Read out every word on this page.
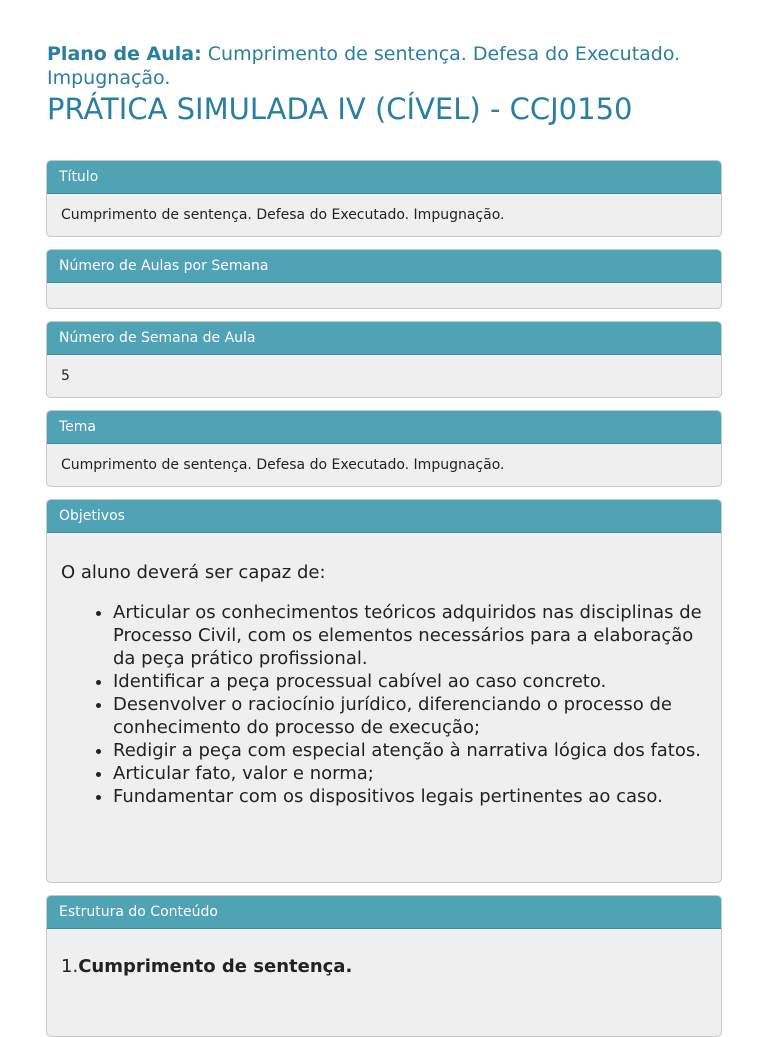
Plano de Aula: Cumprimento de sentença. Defesa do Executado. Impugnação.
PRÁTICA SIMULADA IV (CÍVEL) - CCJ0150
Título
Cumprimento de sentença. Defesa do Executado. Impugnação.
Número de Aulas por Semana
Número de Semana de Aula
5
Tema
Cumprimento de sentença. Defesa do Executado. Impugnação.
Objetivos

O aluno deverá ser capaz de:

• Articular os conhecimentos teóricos adquiridos nas disciplinas de Processo Civil, com os elementos necessários para a elaboração da peça prático profissional.
• Identificar a peça processual cabível ao caso concreto.
• Desenvolver o raciocínio jurídico, diferenciando o processo de conhecimento do processo de execução;
• Redigir a peça com especial atenção à narrativa lógica dos fatos.
• Articular fato, valor e norma;
• Fundamentar com os dispositivos legais pertinentes ao caso.
Estrutura do Conteúdo
1.Cumprimento de sentença.
